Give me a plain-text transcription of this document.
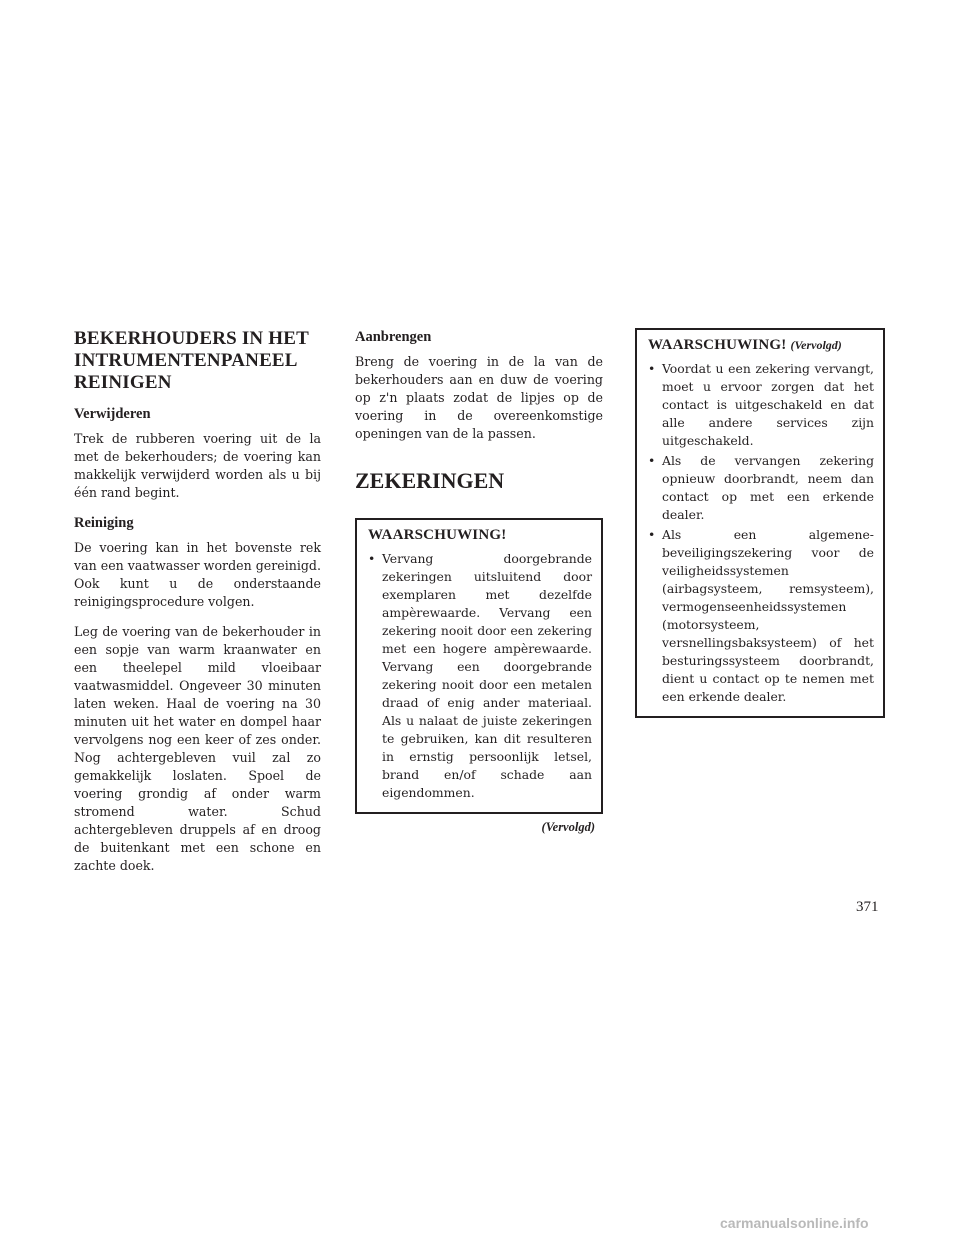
BEKERHOUDERS IN HET INTRUMENTENPANEEL REINIGEN
Verwijderen

Trek de rubberen voering uit de la met de bekerhouders; de voering kan makkelijk verwijderd worden als u bij één rand begint.

Reiniging

De voering kan in het bovenste rek van een vaatwasser worden gereinigd. Ook kunt u de onderstaande reinigingsprocedure volgen.

Leg de voering van de bekerhouder in een sopje van warm kraanwater en een theelepel mild vloeibaar vaatwasmiddel. Ongeveer 30 minuten laten weken. Haal de voering na 30 minuten uit het water en dompel haar vervolgens nog een keer of zes onder. Nog achtergebleven vuil zal zo gemakkelijk loslaten. Spoel de voering grondig af onder warm stromend water. Schud achtergebleven druppels af en droog de buitenkant met een schone en zachte doek.

Aanbrengen

Breng de voering in de la van de bekerhouders aan en duw de voering op z'n plaats zodat de lipjes op de voering in de overeenkomstige openingen van de la passen.

ZEKERINGEN
WAARSCHUWING!
• Vervang doorgebrande zekeringen uitsluitend door exemplaren met dezelfde ampèrewaarde. Vervang een zekering nooit door een zekering met een hogere ampèrewaarde. Vervang een doorgebrande zekering nooit door een metalen draad of enig ander materiaal. Als u nalaat de juiste zekeringen te gebruiken, kan dit resulteren in ernstig persoonlijk letsel, brand en/of schade aan eigendommen.
(Vervolgd)
WAARSCHUWING! (Vervolgd)
• Voordat u een zekering vervangt, moet u ervoor zorgen dat het contact is uitgeschakeld en dat alle andere services zijn uitgeschakeld.
• Als de vervangen zekering opnieuw doorbrandt, neem dan contact op met een erkende dealer.
• Als een algemene-beveiligingszekering voor de veiligheidssystemen (airbagsysteem, remsysteem), vermogenseenheidssystemen (motorsysteem, versnellingsbaksysteem) of het besturingssysteem doorbrandt, dient u contact op te nemen met een erkende dealer.
371
carmanualsonline.info
